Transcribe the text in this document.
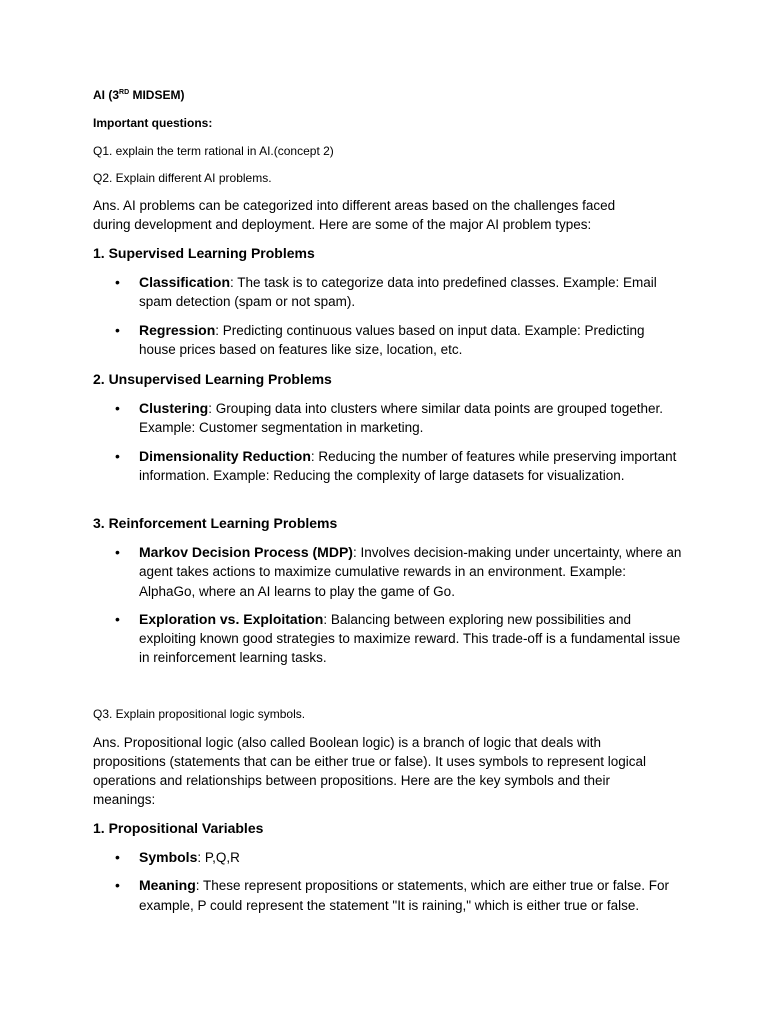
AI (3RD MIDSEM)

Important questions:

Q1. explain the term rational in AI.(concept 2)

Q2. Explain different AI problems.

Ans. AI problems can be categorized into different areas based on the challenges faced during development and deployment. Here are some of the major AI problem types:

1. Supervised Learning Problems

• Classification: The task is to categorize data into predefined classes. Example: Email spam detection (spam or not spam).
• Regression: Predicting continuous values based on input data. Example: Predicting house prices based on features like size, location, etc.

2. Unsupervised Learning Problems

• Clustering: Grouping data into clusters where similar data points are grouped together. Example: Customer segmentation in marketing.
• Dimensionality Reduction: Reducing the number of features while preserving important information. Example: Reducing the complexity of large datasets for visualization.

3. Reinforcement Learning Problems

• Markov Decision Process (MDP): Involves decision-making under uncertainty, where an agent takes actions to maximize cumulative rewards in an environment. Example: AlphaGo, where an AI learns to play the game of Go.
• Exploration vs. Exploitation: Balancing between exploring new possibilities and exploiting known good strategies to maximize reward. This trade-off is a fundamental issue in reinforcement learning tasks.

Q3. Explain propositional logic symbols.

Ans. Propositional logic (also called Boolean logic) is a branch of logic that deals with propositions (statements that can be either true or false). It uses symbols to represent logical operations and relationships between propositions. Here are the key symbols and their meanings:

1. Propositional Variables

• Symbols: P,Q,R
• Meaning: These represent propositions or statements, which are either true or false. For example, P could represent the statement "It is raining," which is either true or false.
